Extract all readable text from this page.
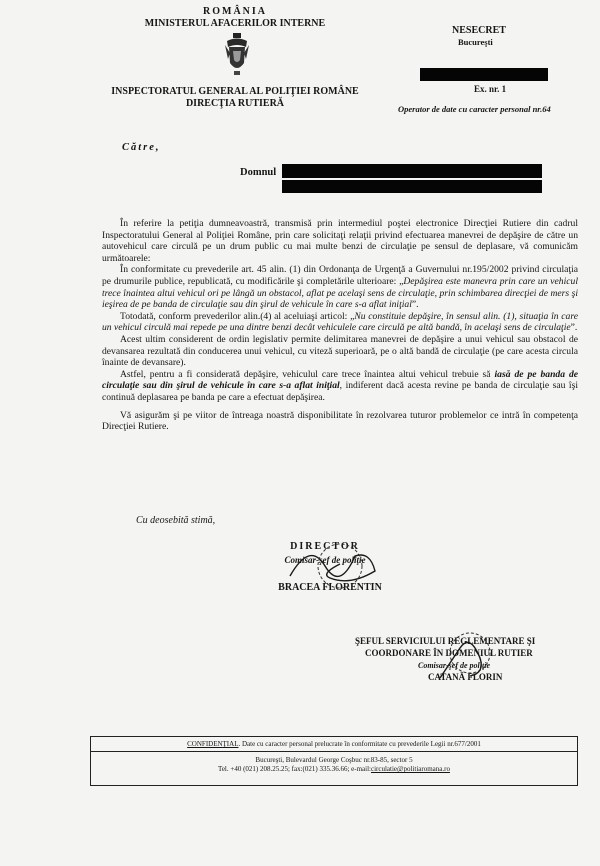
ROMÂNIA
MINISTERUL AFACERILOR INTERNE
INSPECTORATUL GENERAL AL POLIŢIEI ROMÂNE
DIRECŢIA RUTIERĂ
NESECRET
Bucureşti
Ex. nr. 1
Operator de date cu caracter personal nr.64
Către,
Domnul

În referire la petiţia dumneavoastră, transmisă prin intermediul poştei electronice Direcţiei Rutiere din cadrul Inspectoratului General al Poliţiei Române, prin care solicitaţi relaţii privind efectuarea manevrei de depăşire de către un autovehicul care circulă pe un drum public cu mai multe benzi de circulaţie pe sensul de deplasare, vă comunicăm următoarele:

În conformitate cu prevederile art. 45 alin. (1) din Ordonanţa de Urgenţă a Guvernului nr.195/2002 privind circulaţia pe drumurile publice, republicată, cu modificările şi completările ulterioare: „Depăşirea este manevra prin care un vehicul trece înaintea altui vehicul ori pe lângă un obstacol, aflat pe acelaşi sens de circulaţie, prin schimbarea direcţiei de mers şi ieşirea de pe banda de circulaţie sau din şirul de vehicule în care s-a aflat iniţial”.

Totodată, conform prevederilor alin.(4) al aceluiaşi articol: „Nu constituie depăşire, în sensul alin. (1), situaţia în care un vehicul circulă mai repede pe una dintre benzi decât vehiculele care circulă pe altă bandă, în acelaşi sens de circulaţie”.

Acest ultim considerent de ordin legislativ permite delimitarea manevrei de depăşire a unui vehicul sau obstacol de devansarea rezultată din conducerea unui vehicul, cu viteză superioară, pe o altă bandă de circulaţie (pe care acesta circula înainte de devansare).

Astfel, pentru a fi considerată depăşire, vehiculul care trece înaintea altui vehicul trebuie să iasă de pe banda de circulaţie sau din şirul de vehicule în care s-a aflat iniţial, indiferent dacă acesta revine pe banda de circulaţie sau îşi continuă deplasarea pe banda pe care a efectuat depăşirea.

Vă asigurăm şi pe viitor de întreaga noastră disponibilitate în rezolvarea tuturor problemelor ce intră în competenţa Direcţiei Rutiere.

Cu deosebită stimă,
DIRECTOR
Comisar-şef de poliţie
BRACEA FLORENTIN
ŞEFUL SERVICIULUI REGLEMENTARE ŞI
COORDONARE ÎN DOMENIUL RUTIER
Comisar-şef de poliţie
CATANĂ FLORIN
CONFIDENŢIAL. Date cu caracter personal prelucrate în conformitate cu prevederile Legii nr.677/2001
Bucureşti, Bulevardul George Coşbuc nr.83-85, sector 5
Tel. +40 (021) 208.25.25; fax:(021) 335.36.66; e-mail:circulatie@politiaromana.ro
